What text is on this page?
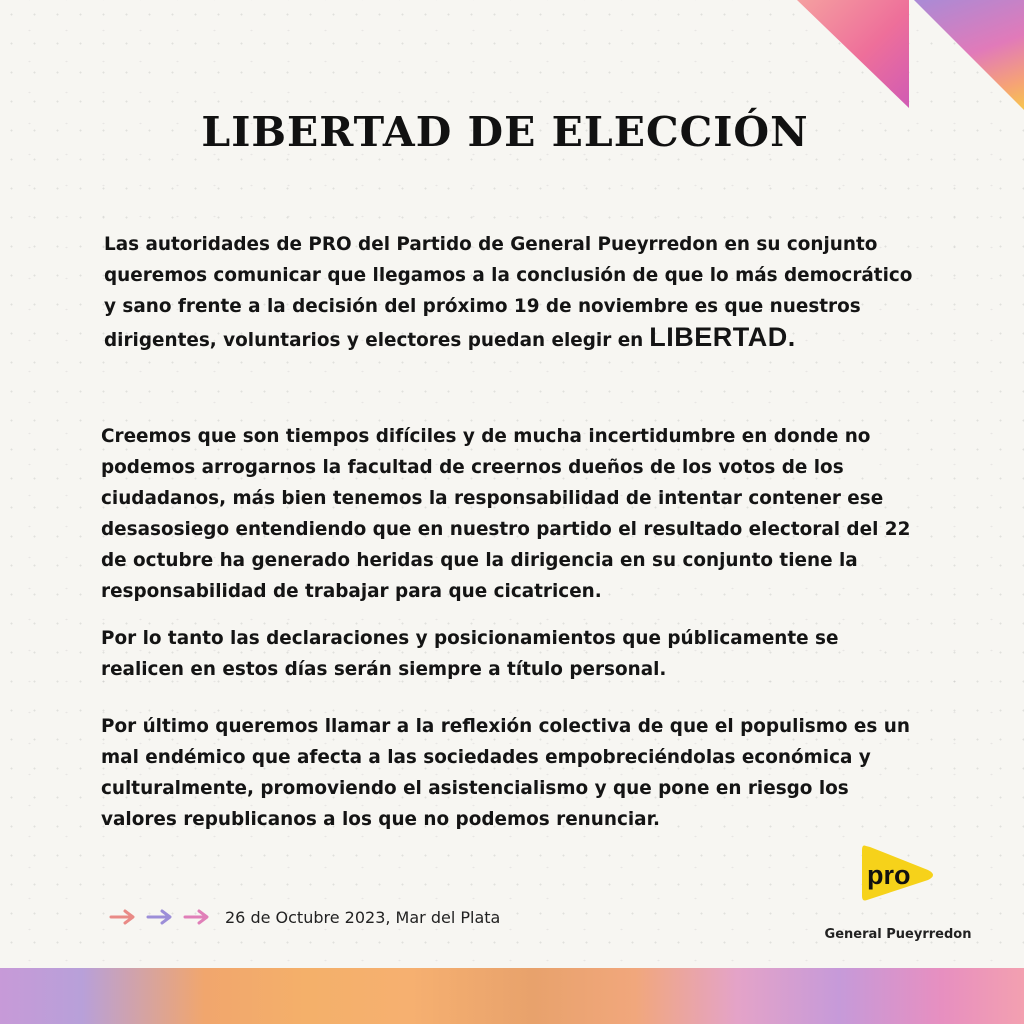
LIBERTAD DE ELECCIÓN

Las autoridades de PRO del Partido de General Pueyrredon en su conjunto queremos comunicar que llegamos a la conclusión de que lo más democrático y sano frente a la decisión del próximo 19 de noviembre es que nuestros dirigentes, voluntarios y electores puedan elegir en LIBERTAD.

Creemos que son tiempos difíciles y de mucha incertidumbre en donde no podemos arrogarnos la facultad de creernos dueños de los votos de los ciudadanos, más bien tenemos la responsabilidad de intentar contener ese desasosiego entendiendo que en nuestro partido el resultado electoral del 22 de octubre ha generado heridas que la dirigencia en su conjunto tiene la responsabilidad de trabajar para que cicatricen.

Por lo tanto las declaraciones y posicionamientos que públicamente se realicen en estos días serán siempre a título personal.

Por último queremos llamar a la reflexión colectiva de que el populismo es un mal endémico que afecta a las sociedades empobreciéndolas económica y culturalmente, promoviendo el asistencialismo y que pone en riesgo los valores republicanos a los que no podemos renunciar.

26 de Octubre 2023, Mar del Plata
pro

General Pueyrredon
